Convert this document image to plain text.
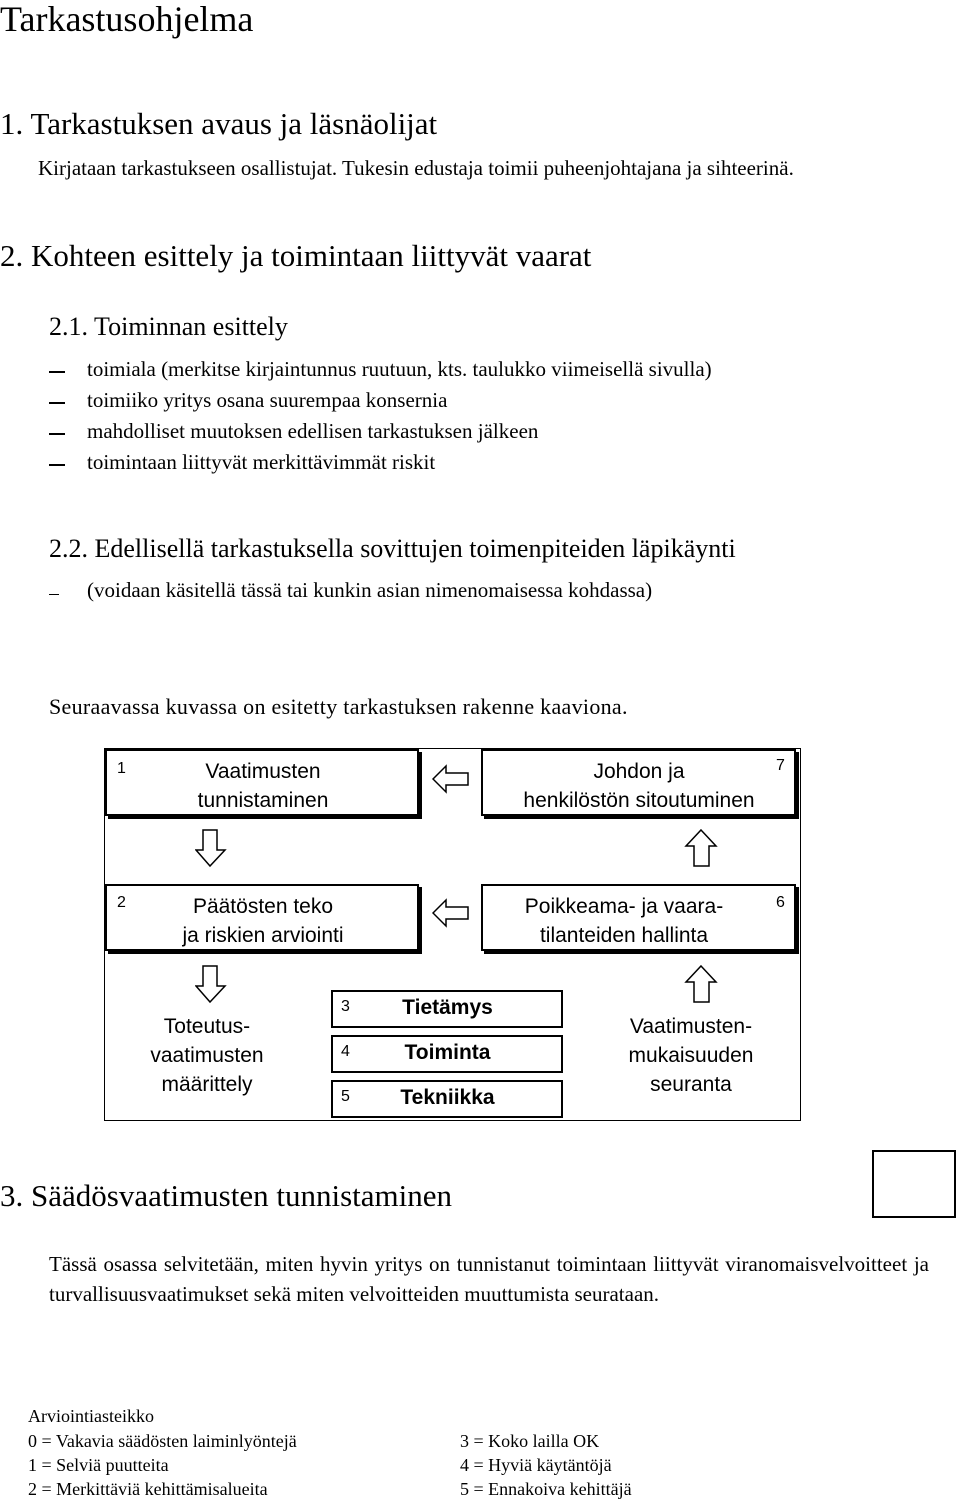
Tarkastusohjelma
1. Tarkastuksen avaus ja läsnäolijat
Kirjataan tarkastukseen osallistujat. Tukesin edustaja toimii puheenjohtajana ja sihteerinä.
2. Kohteen esittely ja toimintaan liittyvät vaarat
2.1. Toiminnan esittely
toimiala (merkitse kirjaintunnus ruutuun, kts. taulukko viimeisellä sivulla)
toimiiko yritys osana suurempaa konsernia
mahdolliset muutoksen edellisen tarkastuksen jälkeen
toimintaan liittyvät merkittävimmät riskit
2.2. Edellisellä tarkastuksella sovittujen toimenpiteiden läpikäynti
(voidaan käsitellä tässä tai kunkin asian nimenomaisessa kohdassa)
Seuraavassa kuvassa on esitetty tarkastuksen rakenne kaaviona.
1	Vaatimusten
tunnistaminen
7
Johdon ja
henkilöstön sitoutuminen
2	Päätösten teko
ja riskien arviointi
6
Poikkeama- ja vaara-
tilanteiden hallinta
Toteutus-
vaatimusten
määrittely
Vaatimusten-
mukaisuuden
seuranta
3	Tietämys
4	Toiminta
5	Tekniikka
3. Säädösvaatimusten tunnistaminen

Tässä osassa selvitetään, miten hyvin yritys on tunnistanut toimintaan liittyvät viranomaisvelvoitteet ja turvallisuusvaatimukset sekä miten velvoitteiden muuttumista seurataan.

Arviointiasteikko
0 = Vakavia säädösten laiminlyöntejä
1 = Selviä puutteita
2 = Merkittäviä kehittämisalueita
3 = Koko lailla OK
4 = Hyviä käytäntöjä
5 = Ennakoiva kehittäjä
